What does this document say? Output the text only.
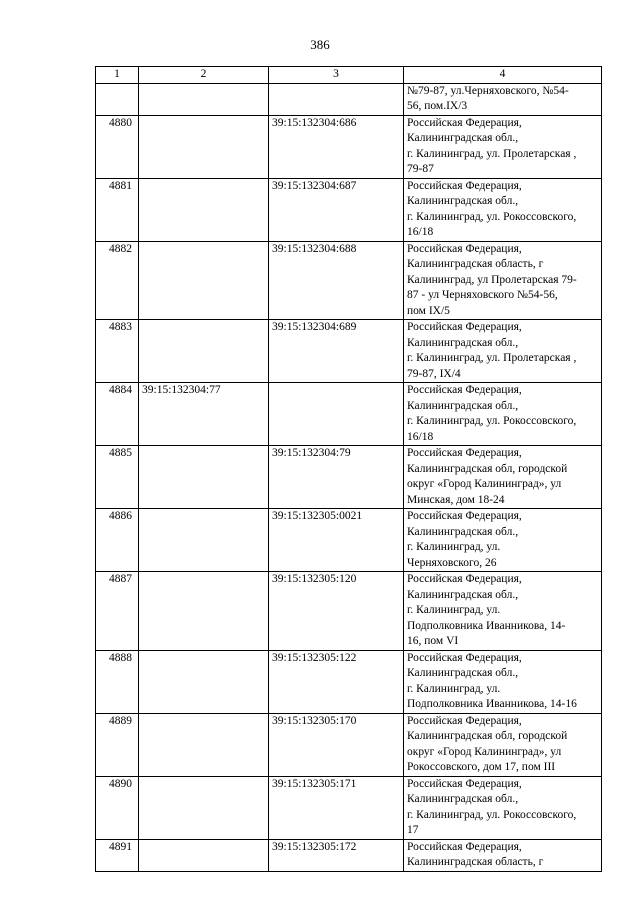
386
1	2	3	4

			№79-87, ул.Черняховского, №54-
56, пом.IX/3

4880		39:15:132304:686	Российская Федерация,
Калининградская обл.,
г. Калининград, ул. Пролетарская ,
79-87

4881		39:15:132304:687	Российская Федерация,
Калининградская обл.,
г. Калининград, ул. Рокоссовского,
16/18

4882		39:15:132304:688	Российская Федерация,
Калининградская область, г
Калининград, ул Пролетарская 79-
87 - ул Черняховского №54-56,
пом IX/5

4883		39:15:132304:689	Российская Федерация,
Калининградская обл.,
г. Калининград, ул. Пролетарская ,
79-87, IX/4

4884	39:15:132304:77		Российская Федерация,
Калининградская обл.,
г. Калининград, ул. Рокоссовского,
16/18

4885		39:15:132304:79	Российская Федерация,
Калининградская обл, городской
округ «Город Калининград», ул
Минская, дом 18-24

4886		39:15:132305:0021	Российская Федерация,
Калининградская обл.,
г. Калининград, ул.
Черняховского, 26

4887		39:15:132305:120	Российская Федерация,
Калининградская обл.,
г. Калининград, ул.
Подполковника Иванникова, 14-
16, пом VI

4888		39:15:132305:122	Российская Федерация,
Калининградская обл.,
г. Калининград, ул.
Подполковника Иванникова, 14-16

4889		39:15:132305:170	Российская Федерация,
Калининградская обл, городской
округ «Город Калининград», ул
Рокоссовского, дом 17, пом III

4890		39:15:132305:171	Российская Федерация,
Калининградская обл.,
г. Калининград, ул. Рокоссовского,
17

4891		39:15:132305:172	Российская Федерация,
Калининградская область, г
